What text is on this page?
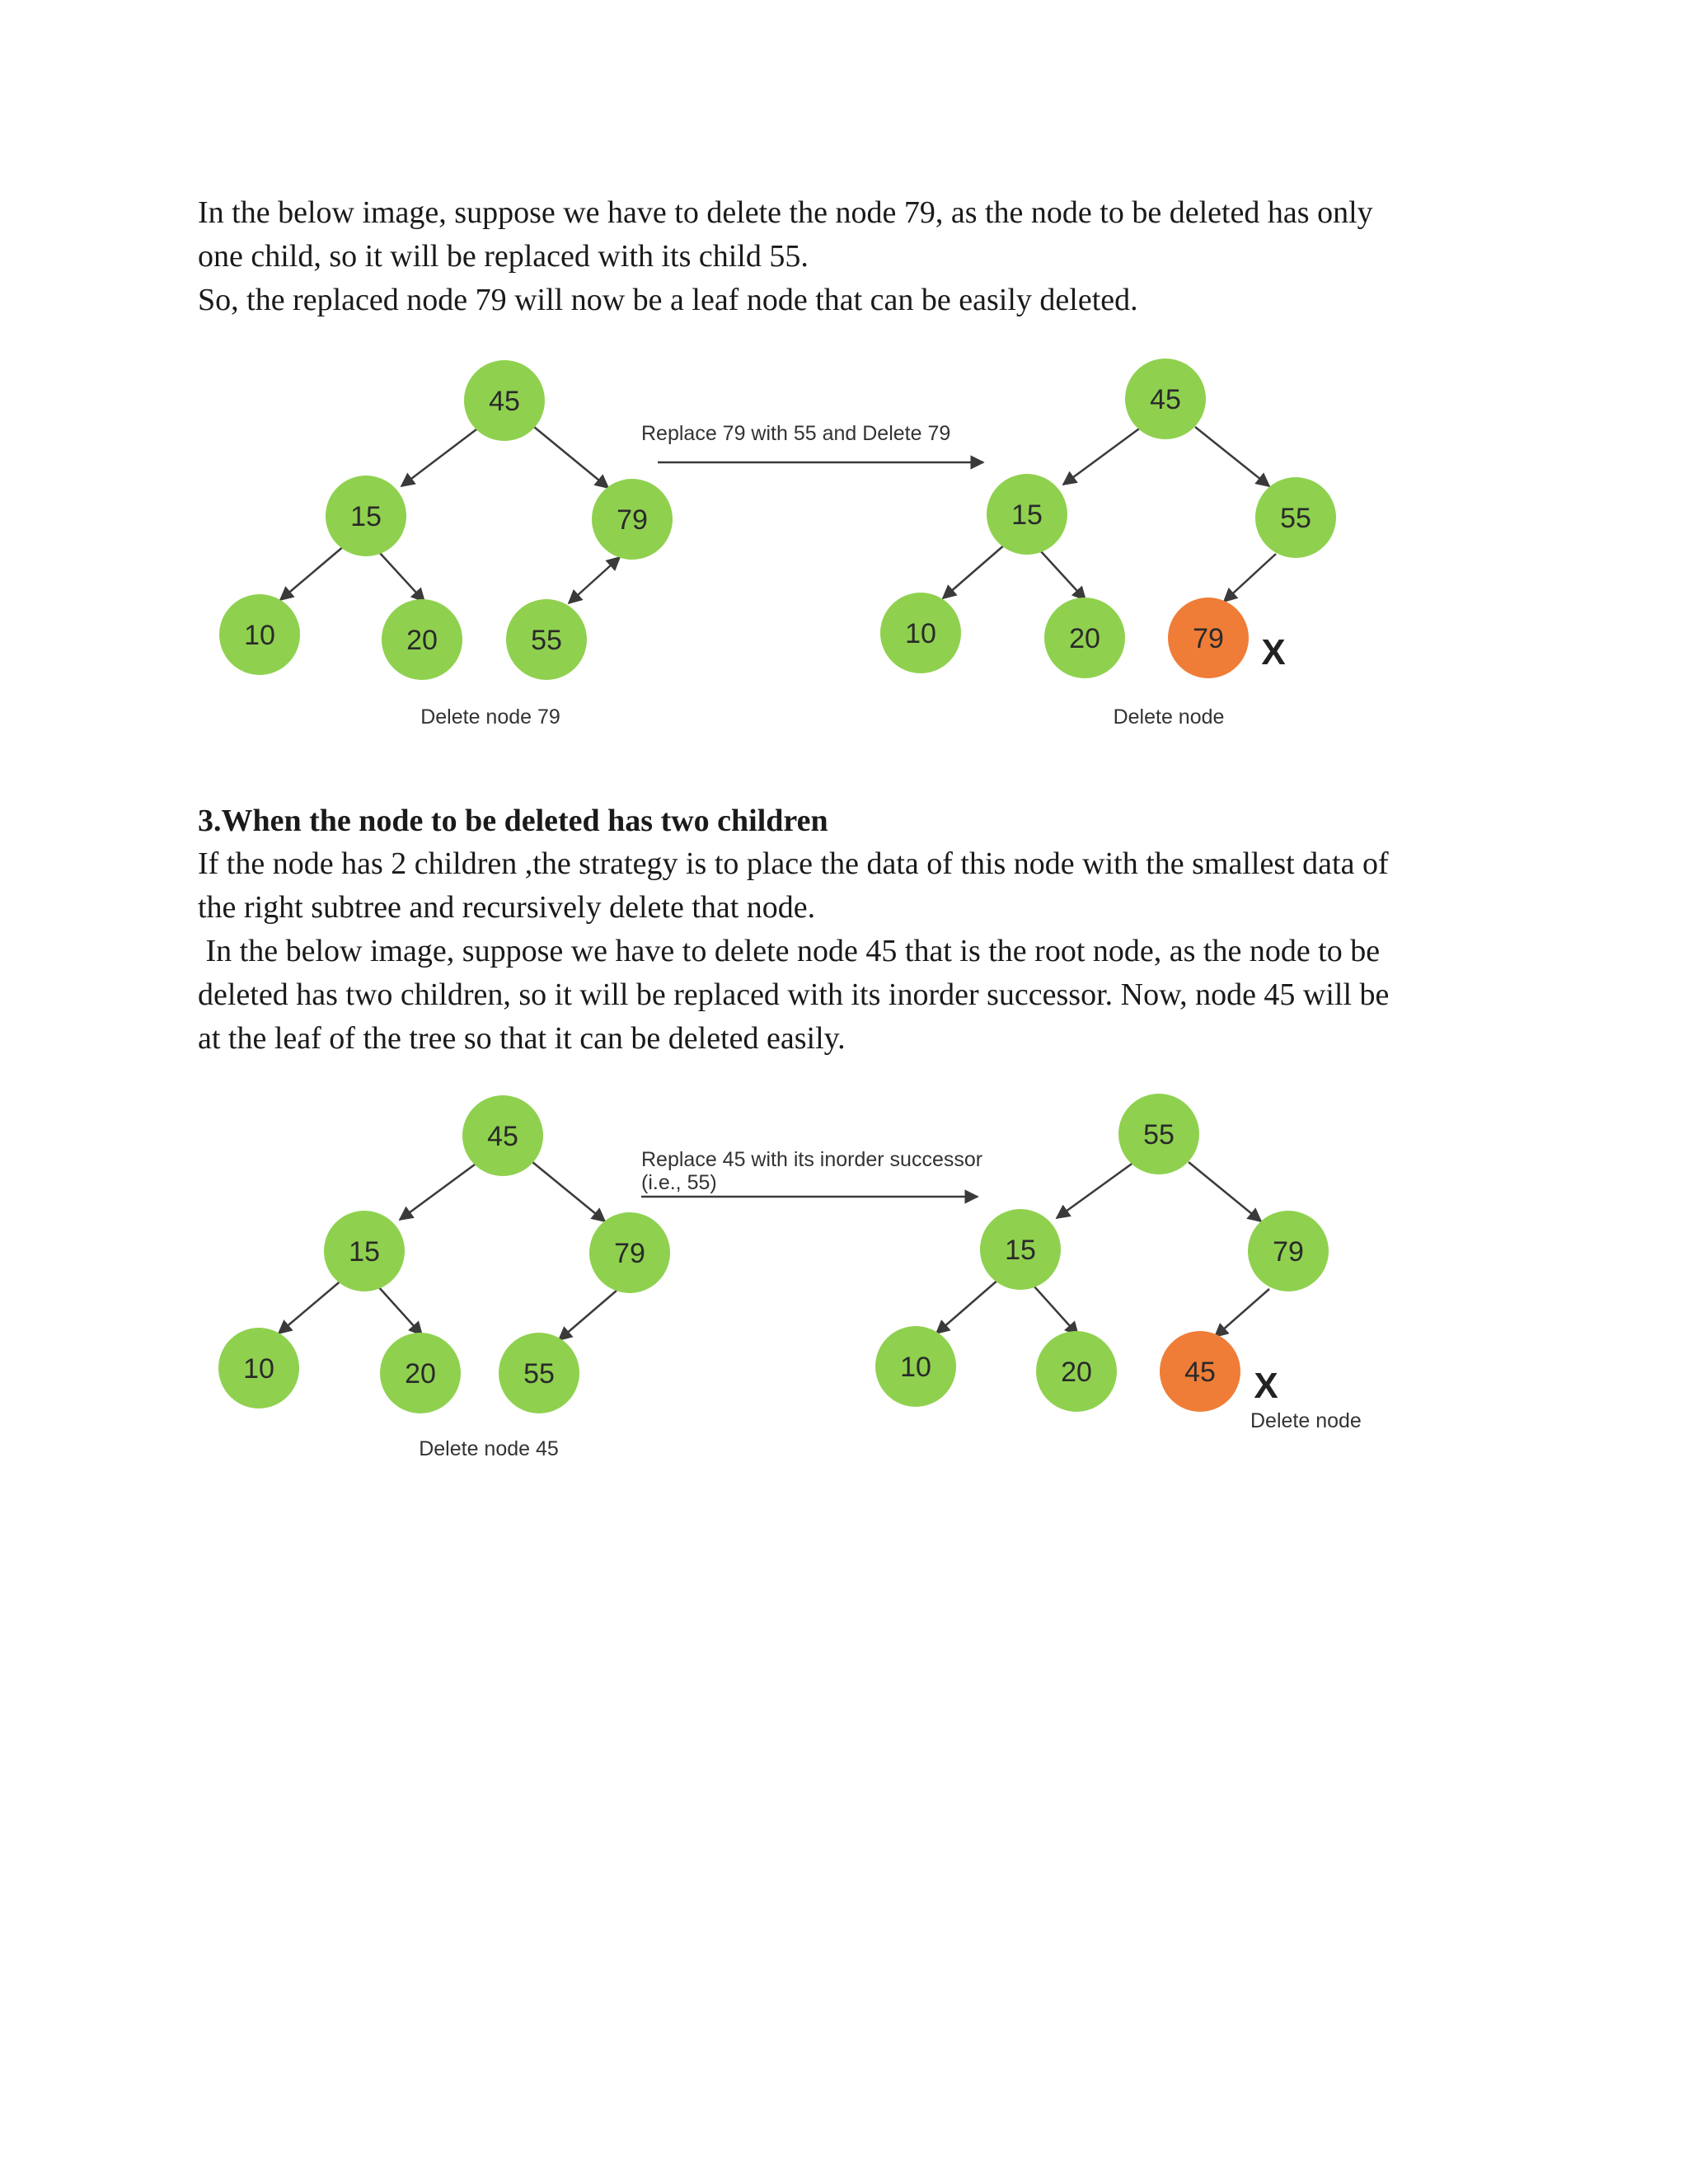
In the below image, suppose we have to delete the node 79, as the node to be deleted has only
one child, so it will be replaced with its child 55.
So, the replaced node 79 will now be a leaf node that can be easily deleted.
45
15	79
10	20	55
Delete node 79
Replace 79 with 55 and Delete 79
45
15	55
10	20	79 X
Delete node
3.When the node to be deleted has two children
If the node has 2 children ,the strategy is to place the data of this node with the smallest data of
the right subtree and recursively delete that node.
In the below image, suppose we have to delete node 45 that is the root node, as the node to be
deleted has two children, so it will be replaced with its inorder successor. Now, node 45 will be
at the leaf of the tree so that it can be deleted easily.
45
15	79
10	20	55
Delete node 45
Replace 45 with its inorder successor
(i.e., 55)
55
15	79
10	20	45 X
Delete node
